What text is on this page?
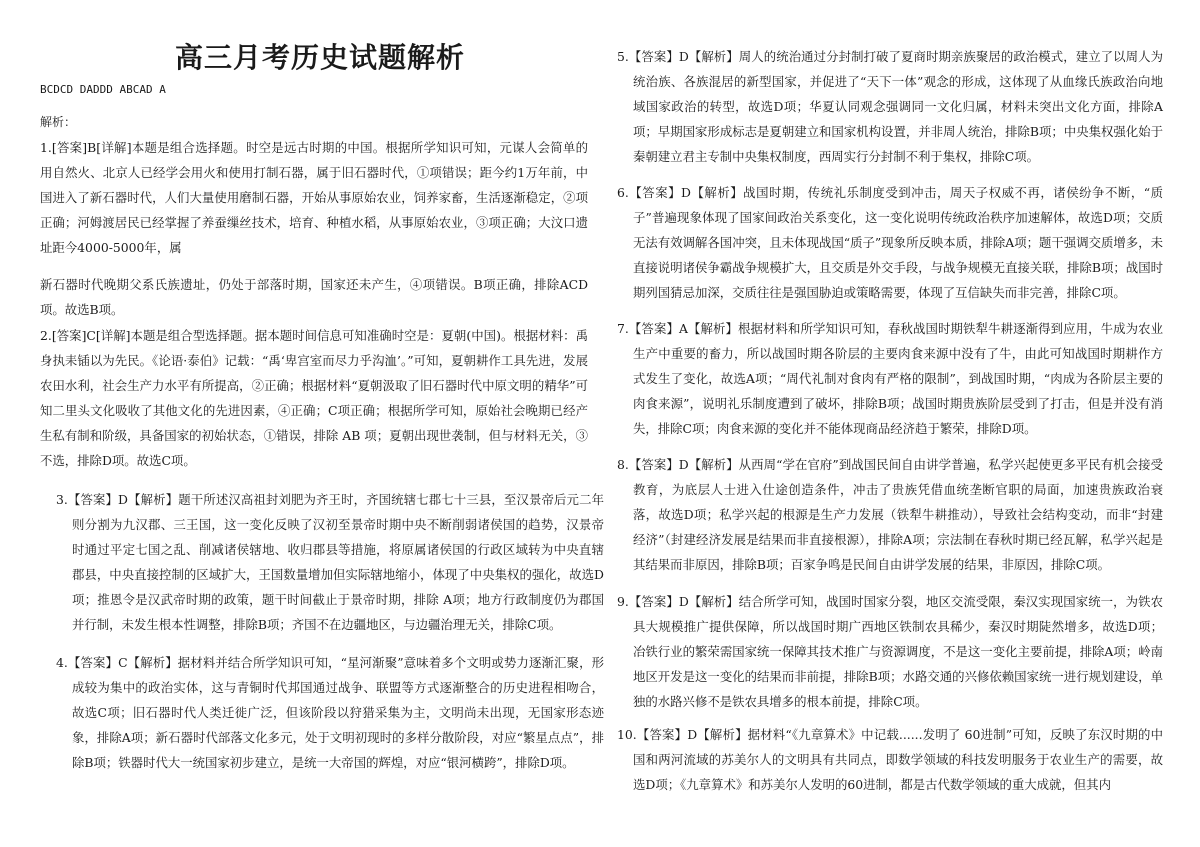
高三月考历史试题解析
BCDCD DADDD ABCAD A
解析：

1.[答案]B[详解]本题是组合选择题。时空是远古时期的中国。根据所学知识可知，元谋人会简单的用自然火、北京人已经学会用火和使用打制石器，属于旧石器时代，①项错误；距今约1万年前，中国进入了新石器时代，人们大量使用磨制石器，开始从事原始农业，饲养家畜，生活逐渐稳定，②项正确；河姆渡居民已经掌握了养蚕缫丝技术，培育、种植水稻，从事原始农业，③项正确；大汶口遗址距今4000-5000年，属

新石器时代晚期父系氏族遗址，仍处于部落时期，国家还未产生，④项错误。B项正确，排除ACD 项。故选B项。

2.[答案]C[详解]本题是组合型选择题。据本题时间信息可知准确时空是：夏朝(中国)。根据材料：禹身执耒锸以为先民。《论语·泰伯》记载：“禹‘卑宫室而尽力乎沟洫’。”可知，夏朝耕作工具先进，发展农田水利，社会生产力水平有所提高，②正确；根据材料“夏朝汲取了旧石器时代中原文明的精华”可知二里头文化吸收了其他文化的先进因素，④正确；C项正确；根据所学可知，原始社会晚期已经产生私有制和阶级，具备国家的初始状态，①错误，排除 AB 项；夏朝出现世袭制，但与材料无关，③不选，排除D项。故选C项。

3.【答案】D【解析】题干所述汉高祖封刘肥为齐王时，齐国统辖七郡七十三县，至汉景帝后元二年则分割为九汉郡、三王国，这一变化反映了汉初至景帝时期中央不断削弱诸侯国的趋势，汉景帝时通过平定七国之乱、削减诸侯辖地、收归郡县等措施，将原属诸侯国的行政区域转为中央直辖郡县，中央直接控制的区域扩大，王国数量增加但实际辖地缩小，体现了中央集权的强化，故选D项；推恩令是汉武帝时期的政策，题干时间截止于景帝时期，排除 A项；地方行政制度仍为郡国并行制，未发生根本性调整，排除B项；齐国不在边疆地区，与边疆治理无关，排除C项。

4.【答案】C【解析】据材料并结合所学知识可知，“星河渐聚”意味着多个文明或势力逐渐汇聚，形成较为集中的政治实体，这与青铜时代邦国通过战争、联盟等方式逐渐整合的历史进程相吻合，故选C项；旧石器时代人类迁徙广泛，但该阶段以狩猎采集为主，文明尚未出现，无国家形态迹象，排除A项；新石器时代部落文化多元，处于文明初现时的多样分散阶段，对应“繁星点点”，排除B项；铁器时代大一统国家初步建立，是统一大帝国的辉煌，对应“银河横跨”，排除D项。

5.【答案】D【解析】周人的统治通过分封制打破了夏商时期亲族聚居的政治模式，建立了以周人为统治族、各族混居的新型国家，并促进了“天下一体”观念的形成，这体现了从血缘氏族政治向地域国家政治的转型，故选D项；华夏认同观念强调同一文化归属，材料未突出文化方面，排除A项；早期国家形成标志是夏朝建立和国家机构设置，并非周人统治，排除B项；中央集权强化始于秦朝建立君主专制中央集权制度，西周实行分封制不利于集权，排除C项。

6.【答案】D【解析】战国时期，传统礼乐制度受到冲击，周天子权威不再，诸侯纷争不断，“质子”普遍现象体现了国家间政治关系变化，这一变化说明传统政治秩序加速解体，故选D项；交质无法有效调解各国冲突，且未体现战国“质子”现象所反映本质，排除A项；题干强调交质增多，未直接说明诸侯争霸战争规模扩大，且交质是外交手段，与战争规模无直接关联，排除B项；战国时期列国猜忌加深，交质往往是强国胁迫或策略需要，体现了互信缺失而非完善，排除C项。

7.【答案】A【解析】根据材料和所学知识可知，春秋战国时期铁犁牛耕逐渐得到应用，牛成为农业生产中重要的畜力，所以战国时期各阶层的主要肉食来源中没有了牛，由此可知战国时期耕作方式发生了变化，故选A项；“周代礼制对食肉有严格的限制”，到战国时期，“肉成为各阶层主要的肉食来源”，说明礼乐制度遭到了破坏，排除B项；战国时期贵族阶层受到了打击，但是并没有消失，排除C项；肉食来源的变化并不能体现商品经济趋于繁荣，排除D项。

8.【答案】D【解析】从西周“学在官府”到战国民间自由讲学普遍，私学兴起使更多平民有机会接受教育，为底层人士进入仕途创造条件，冲击了贵族凭借血统垄断官职的局面，加速贵族政治衰落，故选D项；私学兴起的根源是生产力发展（铁犁牛耕推动），导致社会结构变动，而非“封建经济”（封建经济发展是结果而非直接根源），排除A项；宗法制在春秋时期已经瓦解，私学兴起是其结果而非原因，排除B项；百家争鸣是民间自由讲学发展的结果，非原因，排除C项。

9.【答案】D【解析】结合所学可知，战国时国家分裂，地区交流受限，秦汉实现国家统一，为铁农具大规模推广提供保障，所以战国时期广西地区铁制农具稀少，秦汉时期陡然增多，故选D项；冶铁行业的繁荣需国家统一保障其技术推广与资源调度，不是这一变化主要前提，排除A项；岭南地区开发是这一变化的结果而非前提，排除B项；水路交通的兴修依赖国家统一进行规划建设，单独的水路兴修不是铁农具增多的根本前提，排除C项。

10.【答案】D【解析】据材料“《九章算术》中记载......发明了 60进制”可知，反映了东汉时期的中国和两河流域的苏美尔人的文明具有共同点，即数学领域的科技发明服务于农业生产的需要，故选D项；《九章算术》和苏美尔人发明的60进制，都是古代数学领域的重大成就，但其内
